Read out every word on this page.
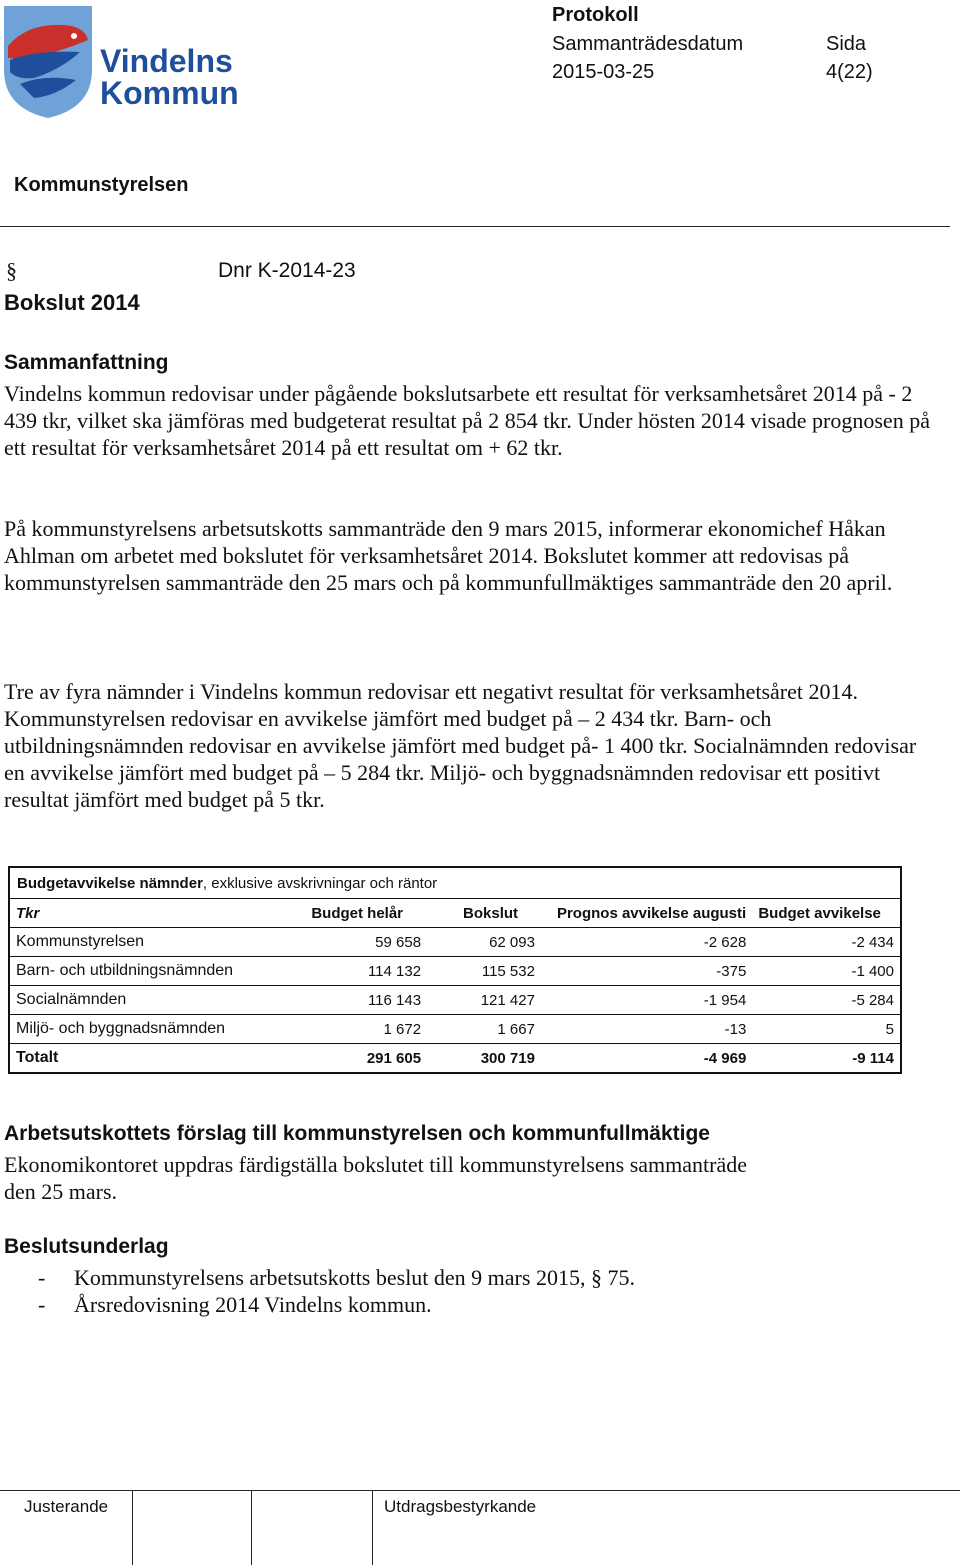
Vindelns
Kommun
Protokoll
Sammanträdesdatum	Sida
2015-03-25	4(22)
Kommunstyrelsen
§	Dnr K-2014-23
Bokslut 2014
Sammanfattning

Vindelns kommun redovisar under pågående bokslutsarbete ett resultat för verksamhetsåret 2014 på - 2 439 tkr, vilket ska jämföras med budgeterat resultat på 2 854 tkr. Under hösten 2014 visade prognosen på ett resultat för verksamhetsåret 2014 på ett resultat om + 62 tkr.

På kommunstyrelsens arbetsutskotts sammanträde den 9 mars 2015, informerar ekonomichef Håkan Ahlman om arbetet med bokslutet för verksamhetsåret 2014. Bokslutet kommer att redovisas på kommunstyrelsen sammanträde den 25 mars och på kommunfullmäktiges sammanträde den 20 april.

Tre av fyra nämnder i Vindelns kommun redovisar ett negativt resultat för verksamhetsåret 2014. Kommunstyrelsen redovisar en avvikelse jämfört med budget på – 2 434 tkr. Barn- och utbildningsnämnden redovisar en avvikelse jämfört med budget på- 1 400 tkr. Socialnämnden redovisar en avvikelse jämfört med budget på – 5 284 tkr. Miljö- och byggnadsnämnden redovisar ett positivt resultat jämfört med budget på 5 tkr.

Budgetavvikelse nämnder, exklusive avskrivningar och räntor
Tkr	Budget helår	Bokslut	Prognos avvikelse augusti	Budget avvikelse
Kommunstyrelsen	59 658	62 093	-2 628	-2 434
Barn- och utbildningsnämnden	114 132	115 532	-375	-1 400
Socialnämnden	116 143	121 427	-1 954	-5 284
Miljö- och byggnadsnämnden	1 672	1 667	-13	5
Totalt	291 605	300 719	-4 969	-9 114
Arbetsutskottets förslag till kommunstyrelsen och kommunfullmäktige

Ekonomikontoret uppdras färdigställa bokslutet till kommunstyrelsens sammanträde den 25 mars.

Beslutsunderlag
- Kommunstyrelsens arbetsutskotts beslut den 9 mars 2015, § 75.
- Årsredovisning 2014 Vindelns kommun.
Justerande	Utdragsbestyrkande
